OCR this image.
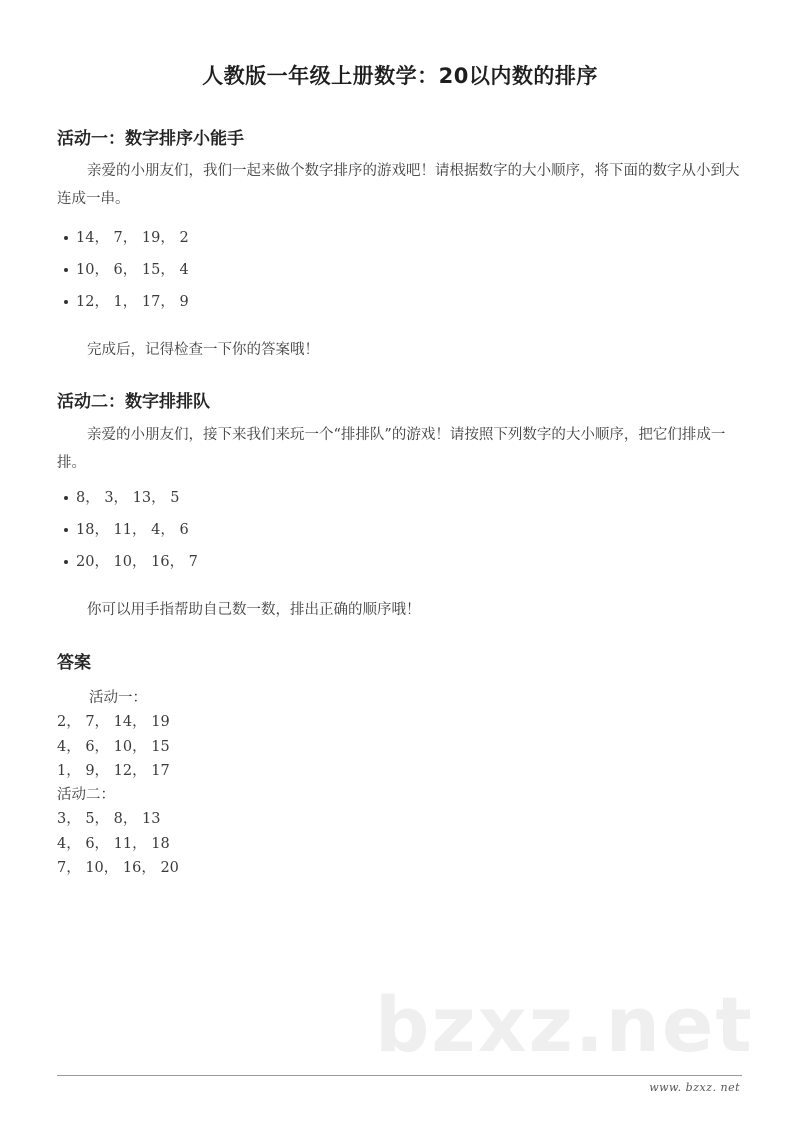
人教版一年级上册数学：20以内数的排序
活动一：数字排序小能手
亲爱的小朋友们，我们一起来做个数字排序的游戏吧！请根据数字的大小顺序，将下面的数字从小到大连成一串。
14， 7， 19， 2
10， 6， 15， 4
12， 1， 17， 9
完成后，记得检查一下你的答案哦！
活动二：数字排排队
亲爱的小朋友们，接下来我们来玩一个“排排队”的游戏！请按照下列数字的大小顺序，把它们排成一排。
8， 3， 13， 5
18， 11， 4， 6
20， 10， 16， 7
你可以用手指帮助自己数一数，排出正确的顺序哦！
答案
活动一：
2， 7， 14， 19
4， 6， 10， 15
1， 9， 12， 17
活动二：
3， 5， 8， 13
4， 6， 11， 18
7， 10， 16， 20
bzxz.net
www. bzxz. net
